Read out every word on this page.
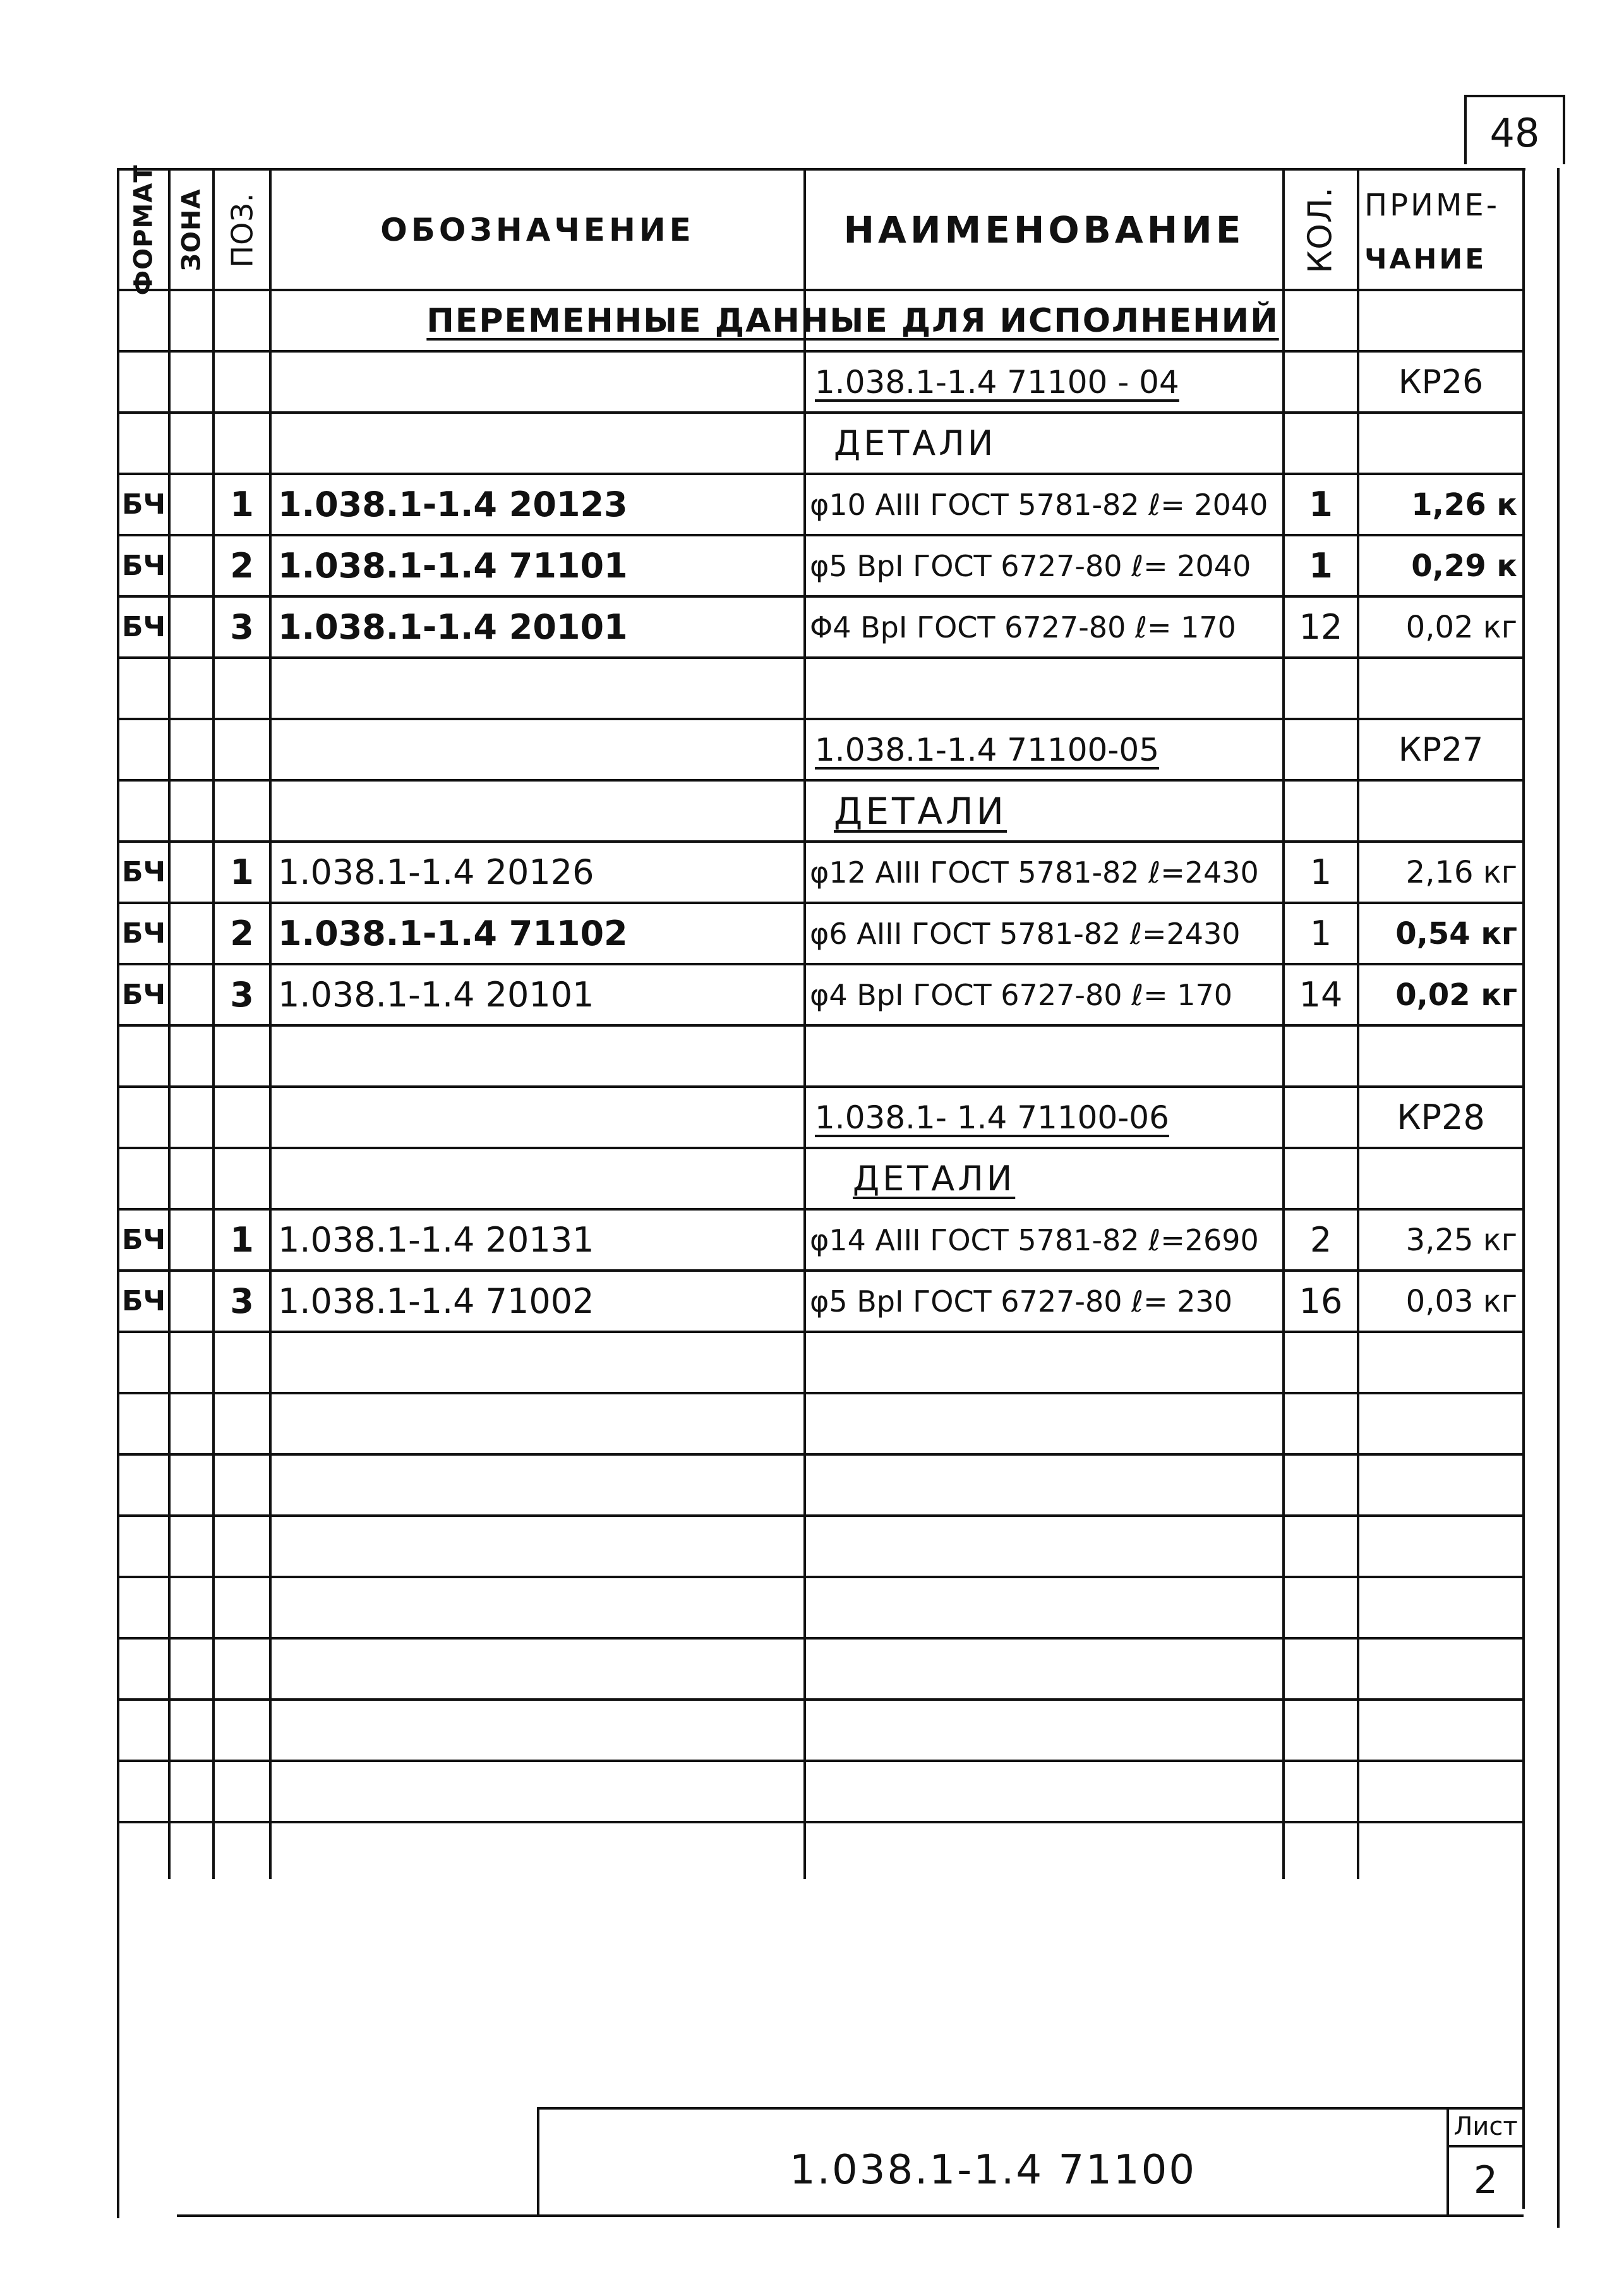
48
ФОРМАТ ЗОНА ПОЗ.	ОБОЗНАЧЕНИЕ	НАИМЕНОВАНИЕ	КОЛ. ПРИМЕ-
ЧАНИЕ
ПЕРЕМЕННЫЕ ДАННЫЕ ДЛЯ ИСПОЛНЕНИЙ
1.038.1-1.4 71100 - 04	КР26
ДЕТАЛИ
БЧ	1 1.038.1-1.4 20123	φ10 АIII ГОСТ 5781-82 ℓ= 2040	1	1,26 к
БЧ	2 1.038.1-1.4 71101	φ5 ВрI ГОСТ 6727-80 ℓ= 2040	1	0,29 к
БЧ	3 1.038.1-1.4 20101	Φ4 ВрI ГОСТ 6727-80 ℓ= 170	12	0,02 кг
1.038.1-1.4 71100-05	КР27
ДЕТАЛИ
БЧ	1 1.038.1-1.4 20126	φ12 АIII ГОСТ 5781-82 ℓ=2430	1	2,16 кг
БЧ	2 1.038.1-1.4 71102	φ6 АIII ГОСТ 5781-82 ℓ=2430	1	0,54 кг
БЧ	3 1.038.1-1.4 20101	φ4 ВрI ГОСТ 6727-80 ℓ= 170	14	0,02 кг
1.038.1- 1.4 71100-06	КР28
ДЕТАЛИ
БЧ	1 1.038.1-1.4 20131	φ14 АIII ГОСТ 5781-82 ℓ=2690	2	3,25 кг
БЧ	3 1.038.1-1.4 71002	φ5 ВрI ГОСТ 6727-80 ℓ= 230	16	0,03 кг
1.038.1-1.4 71100
Лист
2
